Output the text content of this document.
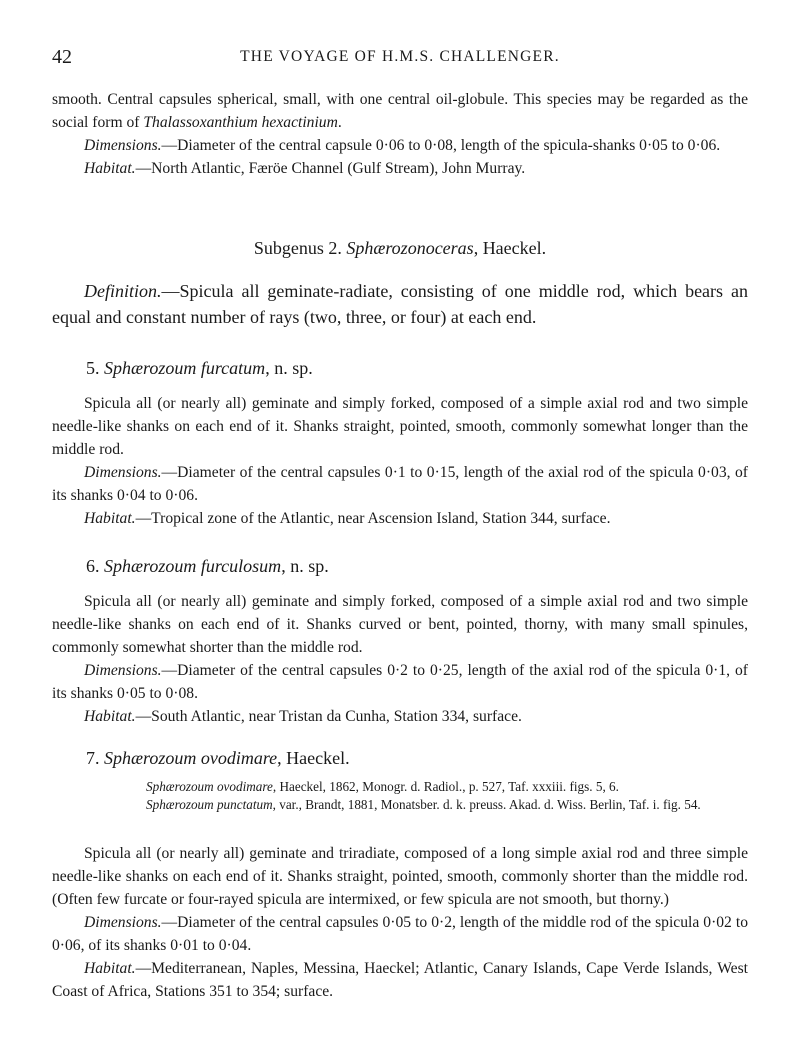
42	THE VOYAGE OF H.M.S. CHALLENGER.

smooth. Central capsules spherical, small, with one central oil-globule. This species may be regarded as the social form of Thalassoxanthium hexactinium.

Dimensions.—Diameter of the central capsule 0·06 to 0·08, length of the spicula-shanks 0·05 to 0·06.

Habitat.—North Atlantic, Færöe Channel (Gulf Stream), John Murray.

Subgenus 2. Sphærozonoceras, Haeckel.

Definition.—Spicula all geminate-radiate, consisting of one middle rod, which bears an equal and constant number of rays (two, three, or four) at each end.

5. Sphærozoum furcatum, n. sp.

Spicula all (or nearly all) geminate and simply forked, composed of a simple axial rod and two simple needle-like shanks on each end of it. Shanks straight, pointed, smooth, commonly somewhat longer than the middle rod.

Dimensions.—Diameter of the central capsules 0·1 to 0·15, length of the axial rod of the spicula 0·03, of its shanks 0·04 to 0·06.

Habitat.—Tropical zone of the Atlantic, near Ascension Island, Station 344, surface.

6. Sphærozoum furculosum, n. sp.

Spicula all (or nearly all) geminate and simply forked, composed of a simple axial rod and two simple needle-like shanks on each end of it. Shanks curved or bent, pointed, thorny, with many small spinules, commonly somewhat shorter than the middle rod.

Dimensions.—Diameter of the central capsules 0·2 to 0·25, length of the axial rod of the spicula 0·1, of its shanks 0·05 to 0·08.

Habitat.—South Atlantic, near Tristan da Cunha, Station 334, surface.

7. Sphærozoum ovodimare, Haeckel.

Sphærozoum ovodimare, Haeckel, 1862, Monogr. d. Radiol., p. 527, Taf. xxxiii. figs. 5, 6.

Sphærozoum punctatum, var., Brandt, 1881, Monatsber. d. k. preuss. Akad. d. Wiss. Berlin, Taf. i. fig. 54.

Spicula all (or nearly all) geminate and triradiate, composed of a long simple axial rod and three simple needle-like shanks on each end of it. Shanks straight, pointed, smooth, commonly shorter than the middle rod. (Often few furcate or four-rayed spicula are intermixed, or few spicula are not smooth, but thorny.)

Dimensions.—Diameter of the central capsules 0·05 to 0·2, length of the middle rod of the spicula 0·02 to 0·06, of its shanks 0·01 to 0·04.

Habitat.—Mediterranean, Naples, Messina, Haeckel; Atlantic, Canary Islands, Cape Verde Islands, West Coast of Africa, Stations 351 to 354; surface.
